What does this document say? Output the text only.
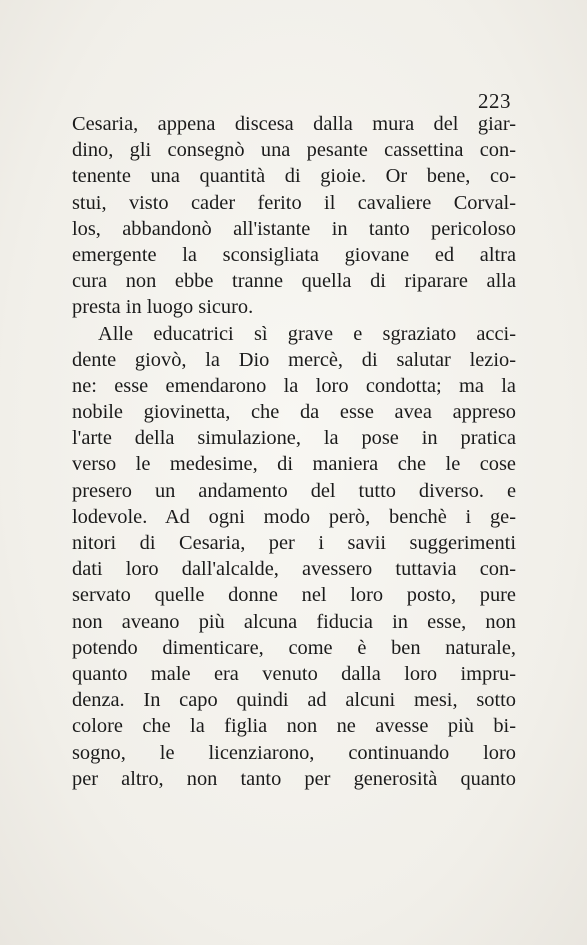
223
Cesaria, appena discesa dalla mura del giar-
dino, gli consegnò una pesante cassettina con-
tenente una quantità di gioie. Or bene, co-
stui, visto cader ferito il cavaliere Corval-
los, abbandonò all'istante in tanto pericoloso
emergente la sconsigliata giovane ed altra
cura non ebbe tranne quella di riparare alla
presta in luogo sicuro.
Alle educatrici sì grave e sgraziato acci-
dente giovò, la Dio mercè, di salutar lezio-
ne: esse emendarono la loro condotta; ma la
nobile giovinetta, che da esse avea appreso
l'arte della simulazione, la pose in pratica
verso le medesime, di maniera che le cose
presero un andamento del tutto diverso. e
lodevole. Ad ogni modo però, benchè i ge-
nitori di Cesaria, per i savii suggerimenti
dati loro dall'alcalde, avessero tuttavia con-
servato quelle donne nel loro posto, pure
non aveano più alcuna fiducia in esse, non
potendo dimenticare, come è ben naturale,
quanto male era venuto dalla loro impru-
denza. In capo quindi ad alcuni mesi, sotto
colore che la figlia non ne avesse più bi-
sogno, le licenziarono, continuando loro
per altro, non tanto per generosità quanto
